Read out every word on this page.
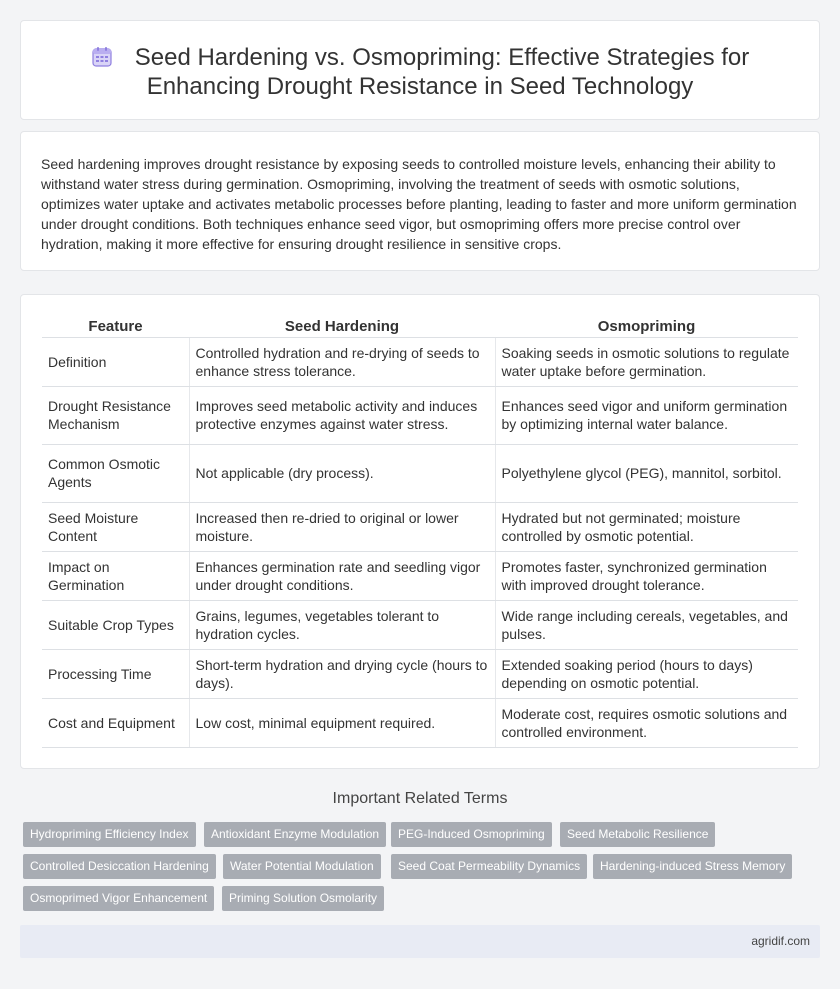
Seed Hardening vs. Osmopriming: Effective Strategies for
Enhancing Drought Resistance in Seed Technology

Seed hardening improves drought resistance by exposing seeds to controlled moisture levels, enhancing their ability to withstand water stress during germination. Osmopriming, involving the treatment of seeds with osmotic solutions, optimizes water uptake and activates metabolic processes before planting, leading to faster and more uniform germination under drought conditions. Both techniques enhance seed vigor, but osmopriming offers more precise control over hydration, making it more effective for ensuring drought resilience in sensitive crops.

Feature	Seed Hardening	Osmopriming
Definition	Controlled hydration and re-drying of seeds to enhance stress tolerance.	Soaking seeds in osmotic solutions to regulate water uptake before germination.
Drought Resistance Mechanism	Improves seed metabolic activity and induces protective enzymes against water stress.	Enhances seed vigor and uniform germination by optimizing internal water balance.
Common Osmotic Agents	Not applicable (dry process).	Polyethylene glycol (PEG), mannitol, sorbitol.
Seed Moisture Content	Increased then re-dried to original or lower moisture.	Hydrated but not germinated; moisture controlled by osmotic potential.
Impact on Germination	Enhances germination rate and seedling vigor under drought conditions.	Promotes faster, synchronized germination with improved drought tolerance.
Suitable Crop Types	Grains, legumes, vegetables tolerant to hydration cycles.	Wide range including cereals, vegetables, and pulses.
Processing Time	Short-term hydration and drying cycle (hours to days).	Extended soaking period (hours to days) depending on osmotic potential.
Cost and Equipment	Low cost, minimal equipment required.	Moderate cost, requires osmotic solutions and controlled environment.
Important Related Terms
Hydropriming Efficiency Index	Antioxidant Enzyme Modulation	PEG-Induced Osmopriming	Seed Metabolic Resilience
Controlled Desiccation Hardening	Water Potential Modulation	Seed Coat Permeability Dynamics	Hardening-induced Stress Memory
Osmoprimed Vigor Enhancement	Priming Solution Osmolarity
agridif.com
